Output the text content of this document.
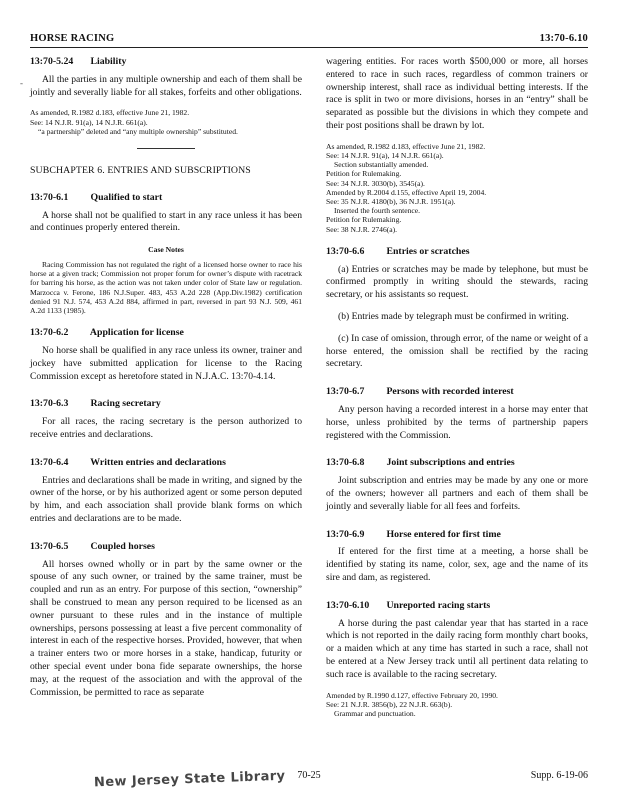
HORSE RACING	13:70-6.10
-
13:70-5.24 Liability

All the parties in any multiple ownership and each of them shall be jointly and severally liable for all stakes, forfeits and other obligations.

As amended, R.1982 d.183, effective June 21, 1982.
See: 14 N.J.R. 91(a), 14 N.J.R. 661(a).
“a partnership” deleted and “any multiple ownership” substituted.
SUBCHAPTER 6. ENTRIES AND SUBSCRIPTIONS
13:70-6.1 Qualified to start

A horse shall not be qualified to start in any race unless it has been and continues properly entered therein.

Case Notes

Racing Commission has not regulated the right of a licensed horse owner to race his horse at a given track; Commission not proper forum for owner’s dispute with racetrack for barring his horse, as the action was not taken under color of State law or regulation. Marzocca v. Ferone, 186 N.J.Super. 483, 453 A.2d 228 (App.Div.1982) certification denied 91 N.J. 574, 453 A.2d 884, affirmed in part, reversed in part 93 N.J. 509, 461 A.2d 1133 (1985).

13:70-6.2 Application for license

No horse shall be qualified in any race unless its owner, trainer and jockey have submitted application for license to the Racing Commission except as heretofore stated in N.J.A.C. 13:70-4.14.

13:70-6.3 Racing secretary

For all races, the racing secretary is the person authorized to receive entries and declarations.

13:70-6.4 Written entries and declarations

Entries and declarations shall be made in writing, and signed by the owner of the horse, or by his authorized agent or some person deputed by him, and each association shall provide blank forms on which entries and declarations are to be made.

13:70-6.5 Coupled horses

All horses owned wholly or in part by the same owner or the spouse of any such owner, or trained by the same trainer, must be coupled and run as an entry. For purpose of this section, “ownership” shall be construed to mean any person required to be licensed as an owner pursuant to these rules and in the instance of multiple ownerships, persons possessing at least a five percent commonality of interest in each of the respective horses. Provided, however, that when a trainer enters two or more horses in a stake, handicap, futurity or other special event under bona fide separate ownerships, the horse may, at the request of the association and with the approval of the Commission, be permitted to race as separate

wagering entities. For races worth $500,000 or more, all horses entered to race in such races, regardless of common trainers or ownership interest, shall race as individual betting interests. If the race is split in two or more divisions, horses in an “entry” shall be separated as possible but the divisions in which they compete and their post positions shall be drawn by lot.

As amended, R.1982 d.183, effective June 21, 1982.
See: 14 N.J.R. 91(a), 14 N.J.R. 661(a).
Section substantially amended.
Petition for Rulemaking.
See: 34 N.J.R. 3030(b), 3545(a).
Amended by R.2004 d.155, effective April 19, 2004.
See: 35 N.J.R. 4180(b), 36 N.J.R. 1951(a).
Inserted the fourth sentence.
Petition for Rulemaking.
See: 38 N.J.R. 2746(a).
13:70-6.6 Entries or scratches

(a) Entries or scratches may be made by telephone, but must be confirmed promptly in writing should the stewards, racing secretary, or his assistants so request.

(b) Entries made by telegraph must be confirmed in writing.

(c) In case of omission, through error, of the name or weight of a horse entered, the omission shall be rectified by the racing secretary.

13:70-6.7 Persons with recorded interest

Any person having a recorded interest in a horse may enter that horse, unless prohibited by the terms of partnership papers registered with the Commission.

13:70-6.8 Joint subscriptions and entries

Joint subscription and entries may be made by any one or more of the owners; however all partners and each of them shall be jointly and severally liable for all fees and forfeits.

13:70-6.9 Horse entered for first time

If entered for the first time at a meeting, a horse shall be identified by stating its name, color, sex, age and the name of its sire and dam, as registered.

13:70-6.10 Unreported racing starts

A horse during the past calendar year that has started in a race which is not reported in the daily racing form monthly chart books, or a maiden which at any time has started in such a race, shall not be entered at a New Jersey track until all pertinent data relating to such race is available to the racing secretary.

Amended by R.1990 d.127, effective February 20, 1990.
See: 21 N.J.R. 3856(b), 22 N.J.R. 663(b).
Grammar and punctuation.
New Jersey State Library	70-25	Supp. 6-19-06
